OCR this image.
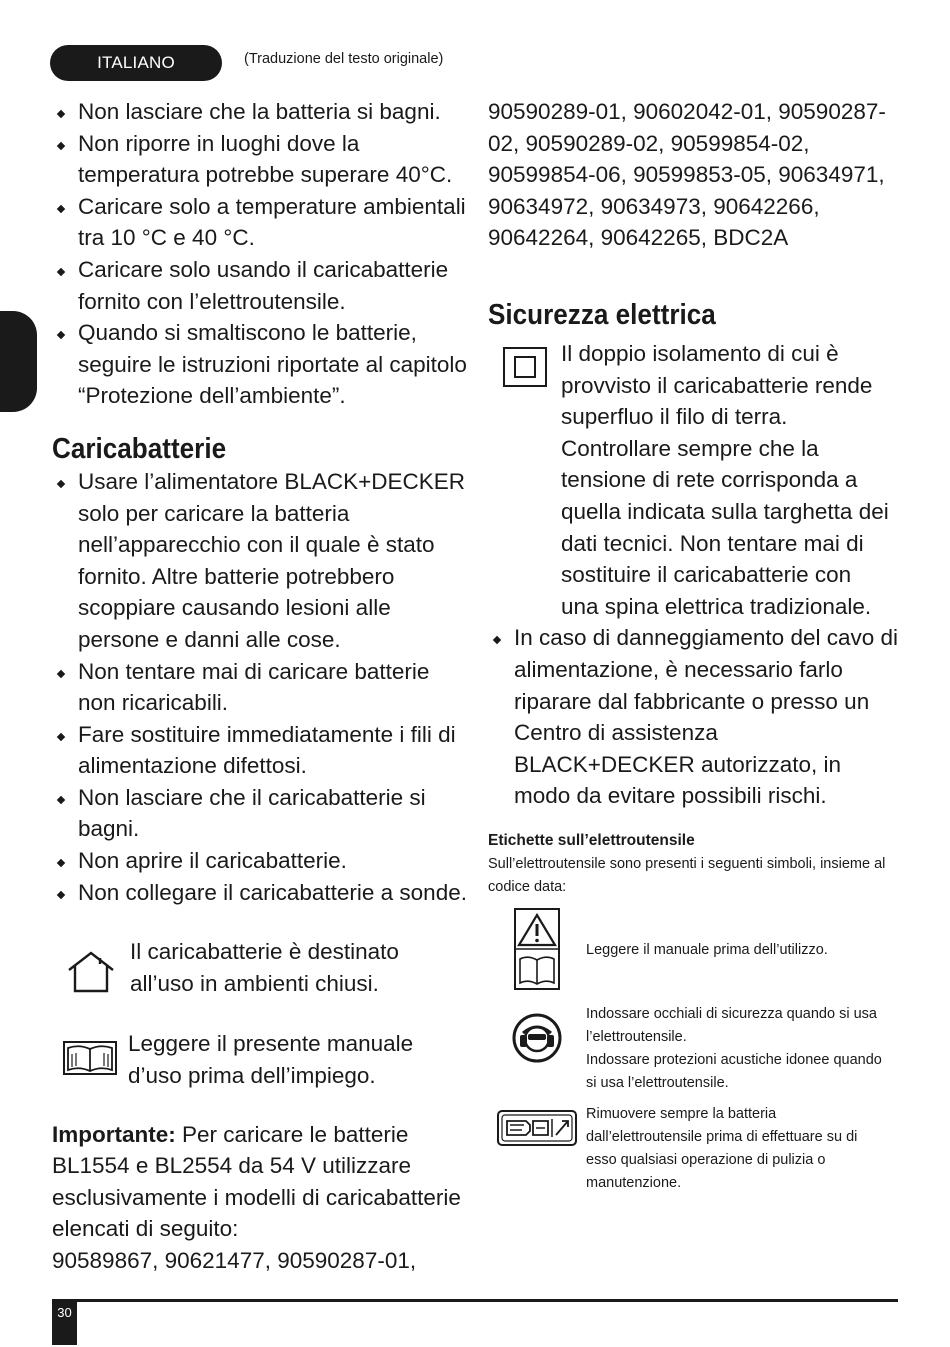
ITALIANO	(Traduzione del testo originale)
Non lasciare che la batteria si bagni.
Non riporre in luoghi dove la temperatura potrebbe superare 40°C.
Caricare solo a temperature ambientali tra 10 °C e 40 °C.
Caricare solo usando il caricabatterie fornito con l’elettroutensile.
Quando si smaltiscono le batterie, seguire le istruzioni riportate al capitolo “Protezione dell’ambiente”.
Caricabatterie
Usare l’alimentatore BLACK+DECKER solo per caricare la batteria nell’apparecchio con il quale è stato fornito. Altre batterie potrebbero scoppiare causando lesioni alle persone e danni alle cose.
Non tentare mai di caricare batterie non ricaricabili.
Fare sostituire immediatamente i fili di alimentazione difettosi.
Non lasciare che il caricabatterie si bagni.
Non aprire il caricabatterie.
Non collegare il caricabatterie a sonde.
Il caricabatterie è destinato all’uso in ambienti chiusi.
Leggere il presente manuale d’uso prima dell’impiego.
Importante: Per caricare le batterie BL1554 e BL2554 da 54 V utilizzare esclusivamente i modelli di caricabatterie elencati di seguito:
90589867, 90621477, 90590287-01,
90590289-01, 90602042-01, 90590287-02, 90590289-02, 90599854-02, 90599854-06, 90599853-05, 90634971, 90634972, 90634973, 90642266, 90642264, 90642265, BDC2A
Sicurezza elettrica
Il doppio isolamento di cui è provvisto il caricabatterie rende superfluo il filo di terra. Controllare sempre che la tensione di rete corrisponda a quella indicata sulla targhetta dei dati tecnici. Non tentare mai di sostituire il caricabatterie con una spina elettrica tradizionale.
In caso di danneggiamento del cavo di alimentazione, è necessario farlo riparare dal fabbricante o presso un Centro di assistenza BLACK+DECKER autorizzato, in modo da evitare possibili rischi.
Etichette sull’elettroutensile
Sull’elettroutensile sono presenti i seguenti simboli, insieme al codice data:
Leggere il manuale prima dell’utilizzo.
Indossare occhiali di sicurezza quando si usa l’elettroutensile.
Indossare protezioni acustiche idonee quando si usa l’elettroutensile.
Rimuovere sempre la batteria dall’elettroutensile prima di effettuare su di esso qualsiasi operazione di pulizia o manutenzione.
30
